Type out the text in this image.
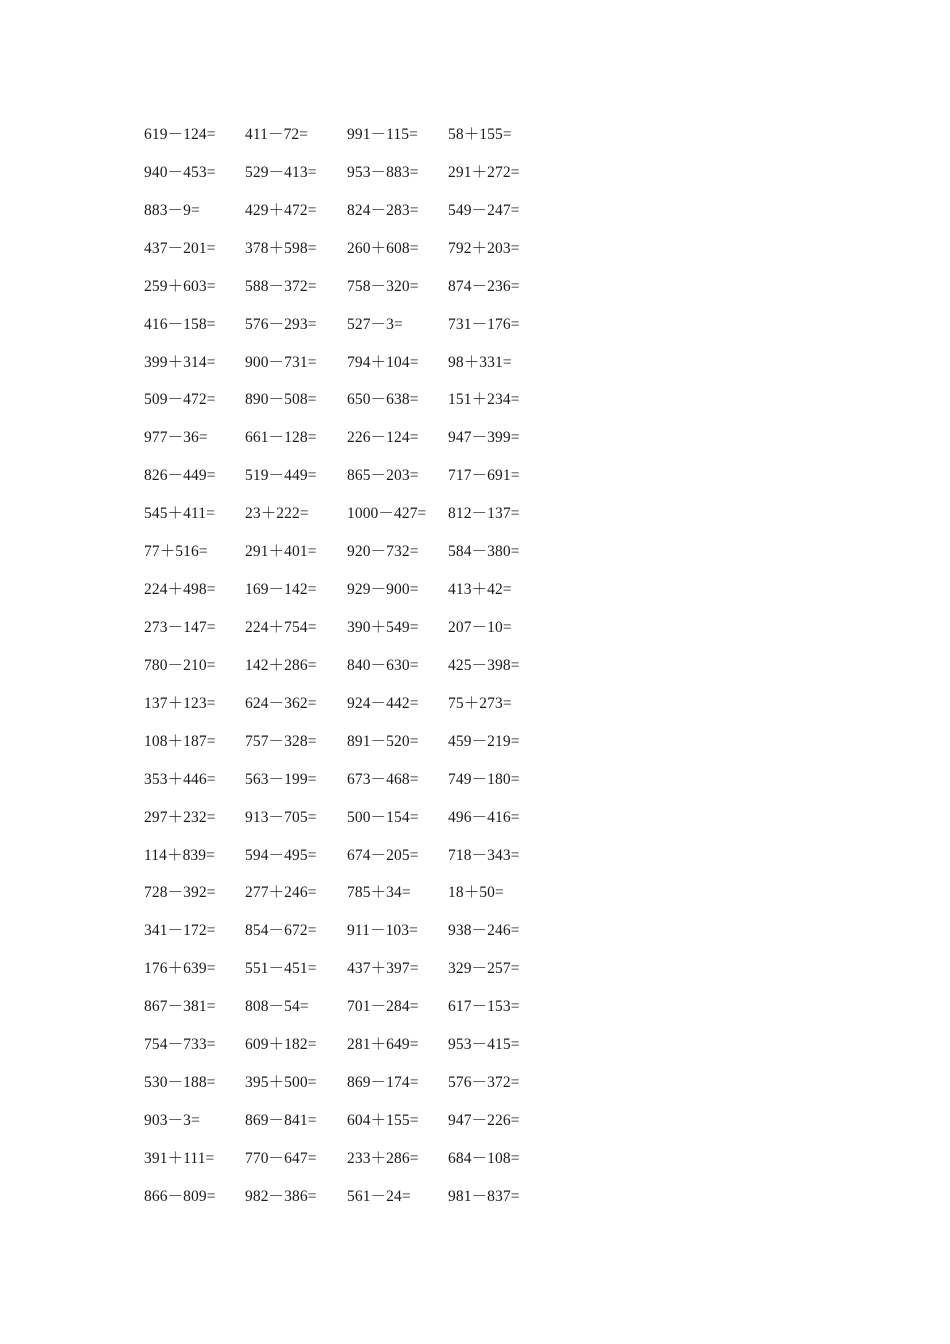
619－124= 411－72=	991－115= 58＋155=
940－453= 529－413= 953－883= 291＋272=
883－9=	429＋472= 824－283= 549－247=
437－201= 378＋598= 260＋608= 792＋203=
259＋603= 588－372= 758－320= 874－236=
416－158= 576－293= 527－3=	731－176=
399＋314= 900－731= 794＋104= 98＋331=
509－472= 890－508= 650－638= 151＋234=
977－36= 661－128= 226－124= 947－399=
826－449= 519－449= 865－203= 717－691=
545＋411= 23＋222= 1000－427= 812－137=
77＋516= 291＋401= 920－732= 584－380=
224＋498= 169－142= 929－900= 413＋42=
273－147= 224＋754= 390＋549= 207－10=
780－210= 142＋286= 840－630= 425－398=
137＋123= 624－362= 924－442= 75＋273=
108＋187= 757－328= 891－520= 459－219=
353＋446= 563－199= 673－468= 749－180=
297＋232= 913－705= 500－154= 496－416=
114＋839= 594－495= 674－205= 718－343=
728－392= 277＋246= 785＋34= 18＋50=
341－172= 854－672= 911－103= 938－246=
176＋639= 551－451= 437＋397= 329－257=
867－381= 808－54= 701－284= 617－153=
754－733= 609＋182= 281＋649= 953－415=
530－188= 395＋500= 869－174= 576－372=
903－3=	869－841= 604＋155= 947－226=
391＋111= 770－647= 233＋286= 684－108=
866－809= 982－386= 561－24= 981－837=
